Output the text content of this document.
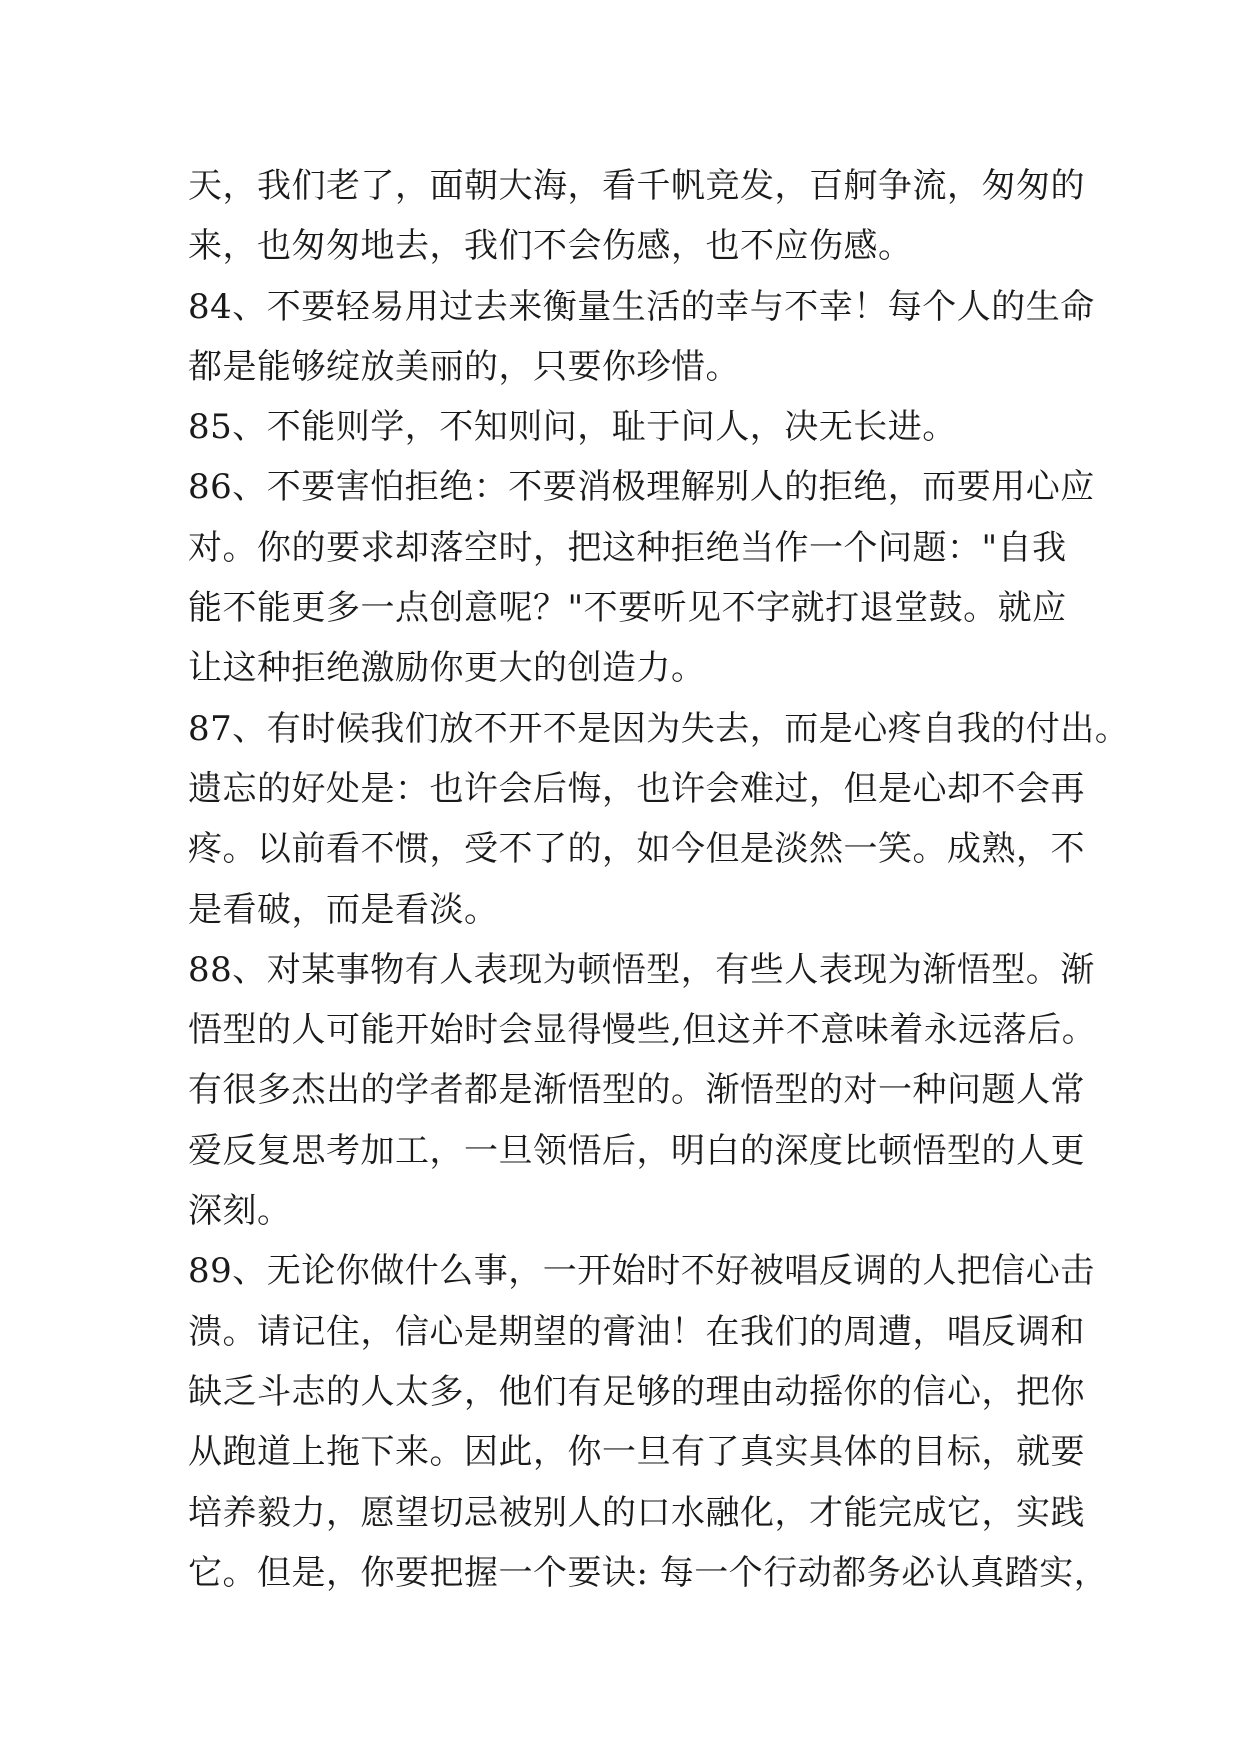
天，我们老了，面朝大海，看千帆竞发，百舸争流，匆匆的
来，也匆匆地去，我们不会伤感，也不应伤感。
84、不要轻易用过去来衡量生活的幸与不幸！每个人的生命
都是能够绽放美丽的，只要你珍惜。
85、不能则学，不知则问，耻于问人，决无长进。
86、不要害怕拒绝：不要消极理解别人的拒绝，而要用心应
对。你的要求却落空时，把这种拒绝当作一个问题："自我
能不能更多一点创意呢？"不要听见不字就打退堂鼓。就应
让这种拒绝激励你更大的创造力。
87、有时候我们放不开不是因为失去，而是心疼自我的付出。
遗忘的好处是：也许会后悔，也许会难过，但是心却不会再
疼。以前看不惯，受不了的，如今但是淡然一笑。成熟，不
是看破，而是看淡。
88、对某事物有人表现为顿悟型，有些人表现为渐悟型。渐
悟型的人可能开始时会显得慢些,但这并不意味着永远落后。
有很多杰出的学者都是渐悟型的。渐悟型的对一种问题人常
爱反复思考加工，一旦领悟后，明白的深度比顿悟型的人更
深刻。
89、无论你做什么事，一开始时不好被唱反调的人把信心击
溃。请记住，信心是期望的膏油！在我们的周遭，唱反调和
缺乏斗志的人太多，他们有足够的理由动摇你的信心，把你
从跑道上拖下来。因此，你一旦有了真实具体的目标，就要
培养毅力，愿望切忌被别人的口水融化，才能完成它，实践
它。但是，你要把握一个要诀: 每一个行动都务必认真踏实，
